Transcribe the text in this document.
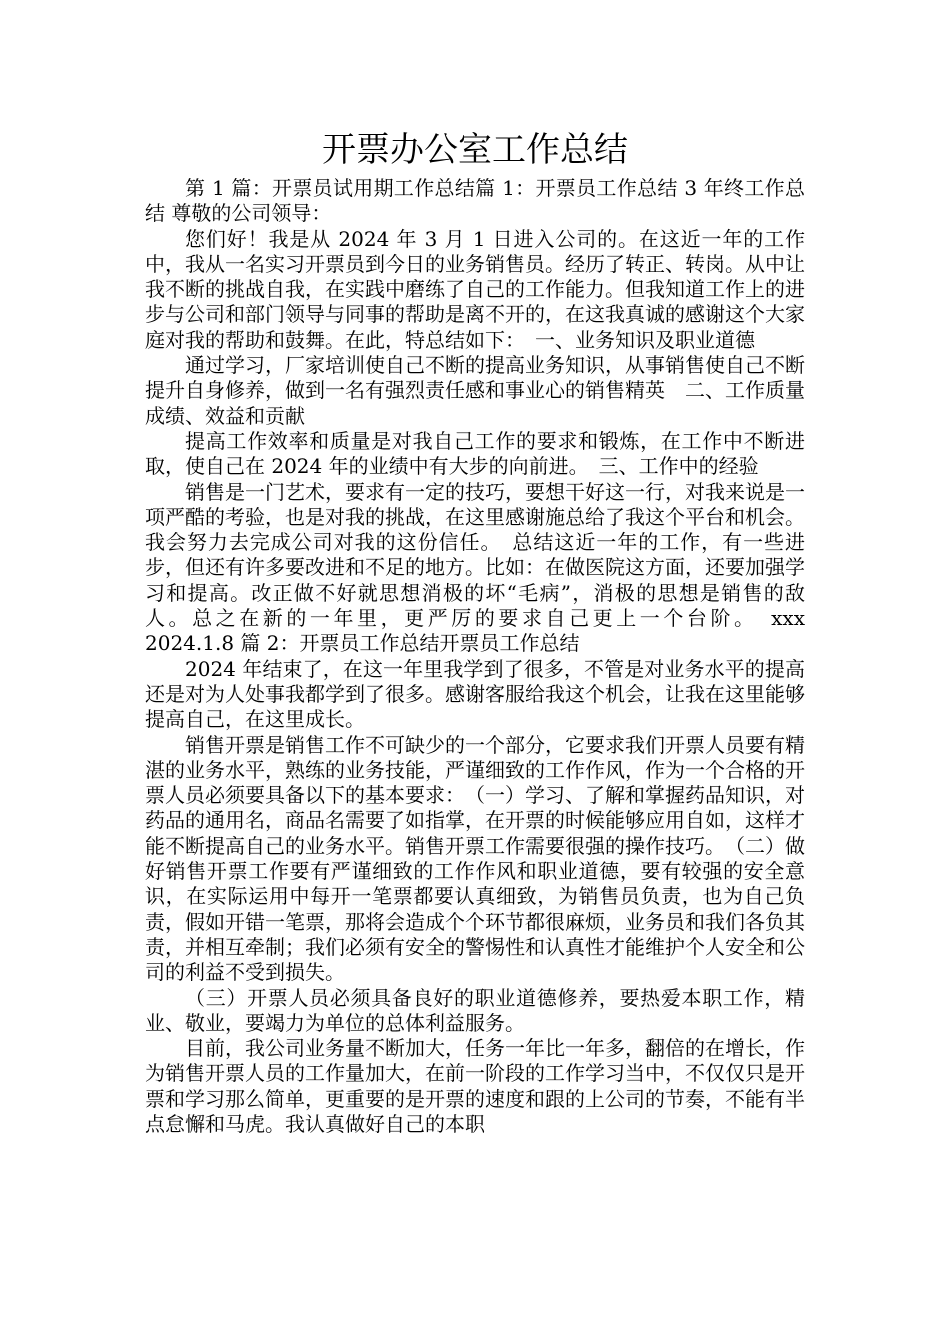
开票办公室工作总结

第 1 篇：开票员试用期工作总结篇 1：开票员工作总结 3 年终工作总结 尊敬的公司领导：

您们好！我是从 2024 年 3 月 1 日进入公司的。在这近一年的工作中，我从一名实习开票员到今日的业务销售员。经历了转正、转岗。从中让我不断的挑战自我，在实践中磨练了自己的工作能力。但我知道工作上的进步与公司和部门领导与同事的帮助是离不开的，在这我真诚的感谢这个大家庭对我的帮助和鼓舞。在此，特总结如下：　一、业务知识及职业道德

通过学习，厂家培训使自己不断的提高业务知识，从事销售使自己不断提升自身修养，做到一名有强烈责任感和事业心的销售精英　二、工作质量成绩、效益和贡献

提高工作效率和质量是对我自己工作的要求和锻炼，在工作中不断进取，使自己在 2024 年的业绩中有大步的向前进。　三、工作中的经验

销售是一门艺术，要求有一定的技巧，要想干好这一行，对我来说是一项严酷的考验，也是对我的挑战，在这里感谢施总给了我这个平台和机会。我会努力去完成公司对我的这份信任。　总结这近一年的工作，有一些进步，但还有许多要改进和不足的地方。比如：在做医院这方面，还要加强学习和提高。改正做不好就思想消极的坏“毛病”，消极的思想是销售的敌人。总之在新的一年里，更严厉的要求自己更上一个台阶。　xxx　2024.1.8 篇 2：开票员工作总结开票员工作总结

2024 年结束了，在这一年里我学到了很多，不管是对业务水平的提高还是对为人处事我都学到了很多。感谢客服给我这个机会，让我在这里能够提高自己，在这里成长。

销售开票是销售工作不可缺少的一个部分，它要求我们开票人员要有精湛的业务水平，熟练的业务技能，严谨细致的工作作风，作为一个合格的开票人员必须要具备以下的基本要求：　（一）学习、了解和掌握药品知识，对药品的通用名，商品名需要了如指掌，在开票的时候能够应用自如，这样才能不断提高自己的业务水平。销售开票工作需要很强的操作技巧。　（二）做好销售开票工作要有严谨细致的工作作风和职业道德，要有较强的安全意识，在实际运用中每开一笔票都要认真细致，为销售员负责，也为自己负责，假如开错一笔票，那将会造成个个环节都很麻烦，业务员和我们各负其责，并相互牵制；我们必须有安全的警惕性和认真性才能维护个人安全和公司的利益不受到损失。

（三）开票人员必须具备良好的职业道德修养，要热爱本职工作，精业、敬业，要竭力为单位的总体利益服务。

目前，我公司业务量不断加大，任务一年比一年多，翻倍的在增长，作为销售开票人员的工作量加大，在前一阶段的工作学习当中，不仅仅只是开票和学习那么简单，更重要的是开票的速度和跟的上公司的节奏，不能有半点怠懈和马虎。我认真做好自己的本职
